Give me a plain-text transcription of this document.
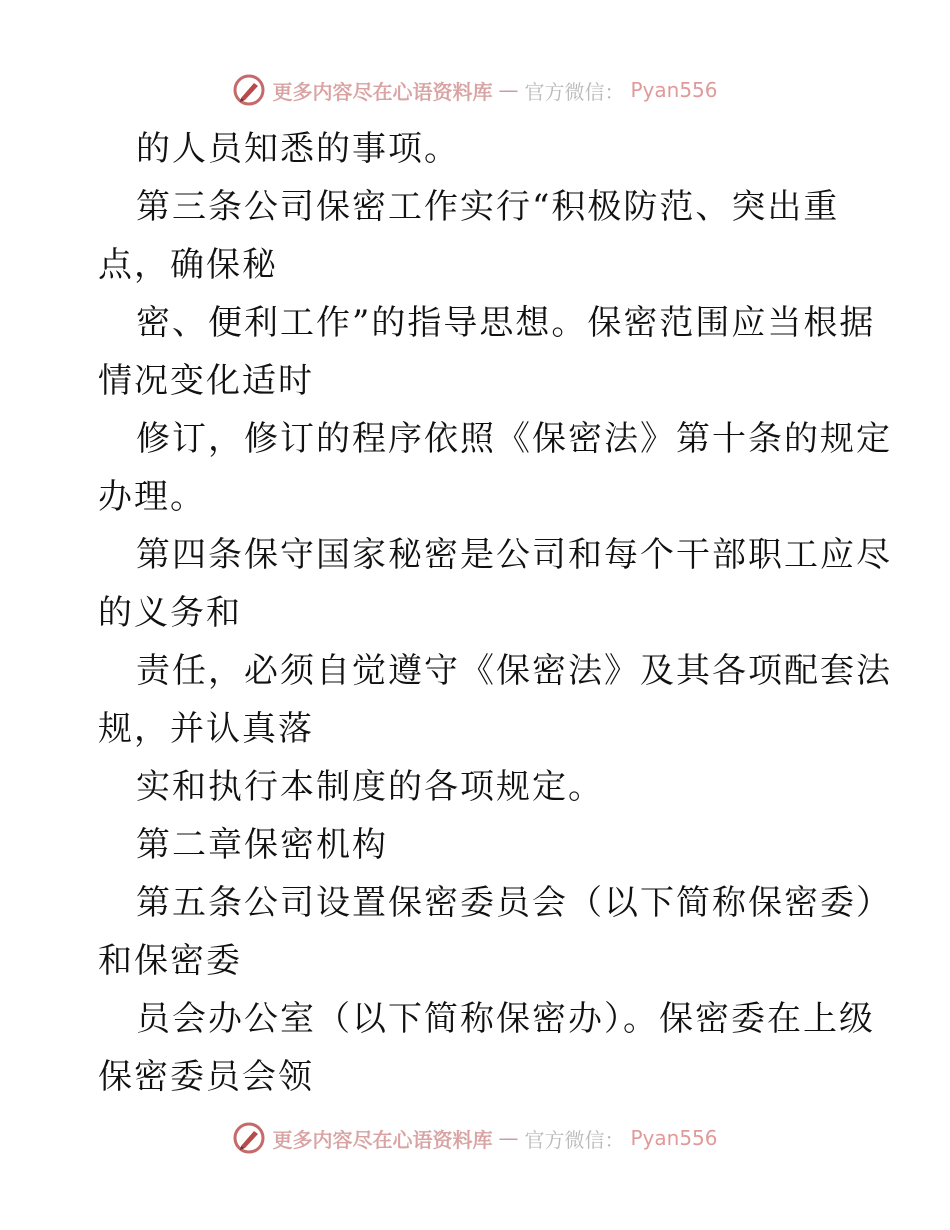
更多内容尽在心语资料库 — 官方微信： Pyan556
的人员知悉的事项。
第三条公司保密工作实行“积极防范、突出重
点，确保秘
密、便利工作”的指导思想。保密范围应当根据
情况变化适时
修订，修订的程序依照《保密法》第十条的规定
办理。
第四条保守国家秘密是公司和每个干部职工应尽
的义务和
责任，必须自觉遵守《保密法》及其各项配套法
规，并认真落
实和执行本制度的各项规定。
第二章保密机构
第五条公司设置保密委员会（以下简称保密委）
和保密委
员会办公室（以下简称保密办）。保密委在上级
保密委员会领
更多内容尽在心语资料库 — 官方微信： Pyan556
